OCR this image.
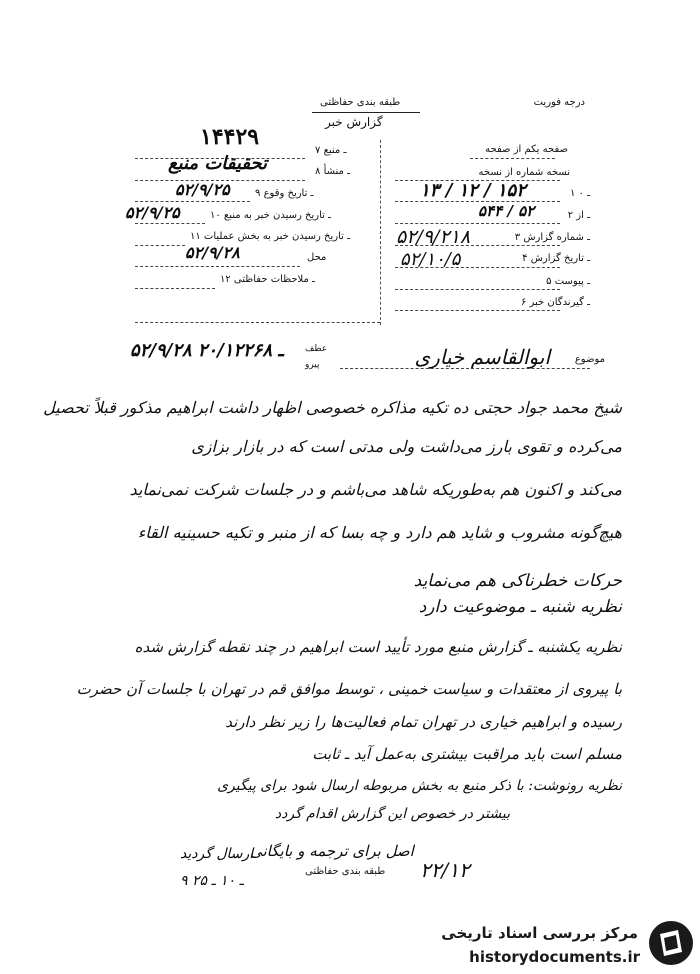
درجه فوریت
طبقه بندی حفاظتی
گزارش خبر
صفحه یکم از صفحه
نسخه شماره از نسخه
۱ ـ ۰
۲ ـ از
۳ ـ شماره گزارش
۴ ـ تاریخ گزارش
۵ ـ پیوست
۶ ـ گیرندگان خبر
۱۳ / ۱۲ / ۱۵۲
۵۴۴ / ۵۲
۵۲/۹/۲۱۸
۵۲/۱۰/۵
۷ ـ منبع
۸ ـ منشأ
۹ ـ تاریخ وقوع
۱۰ ـ تاریخ رسیدن خبر به منبع
۱۱ ـ تاریخ رسیدن خبر به بخش عملیات
محل
۱۲ ـ ملاحظات حفاظتی
۱۴۴۲۹
تحقیقات منبع
۵۲/۹/۲۵
۵۲/۹/۲۵
۵۲/۹/۲۸
موضوع
ابوالقاسم خیاری
عطف
پیرو
۵۲/۹/۲۸ ـ ۲۰/۱۲۲۶۸
شیخ محمد جواد حجتی ده تکیه مذاکره خصوصی اظهار داشت ابراهیم مذکور قبلاً تحصیل
می‌کرده و تقوی بارز می‌داشت ولی مدتی است که در بازار بزازی
می‌کند و اکنون هم به‌طوریکه شاهد می‌باشم و در جلسات شرکت نمی‌نماید
هیچ‌گونه مشروب و شاید هم دارد و چه بسا که از منبر و تکیه حسینیه القاء
حرکات خطرناکی هم می‌نماید
نظریه شنبه ـ موضوعیت دارد
نظریه یکشنبه ـ گزارش منبع مورد تأیید است ابراهیم در چند نقطه گزارش شده
با پیروی از معتقدات و سیاست خمینی ، توسط موافق قم در تهران با جلسات آن حضرت
رسیده و ابراهیم خیاری در تهران تمام فعالیت‌ها را زیر نظر دارند
مسلم است باید مراقبت بیشتری به‌عمل آید ـ ثابت
نظریه رونوشت: با ذکر منبع به بخش مربوطه ارسال شود برای پیگیری
بیشتر در خصوص این گزارش اقدام گردد
اصل برای ترجمه و بایگانی
طبقه بندی حفاظتی ۲۲/۱۲
ارسال گردید
۹ ـ ۱۰ ـ ۲۵
مرکز بررسی اسناد تاریخی
historydocuments.ir
